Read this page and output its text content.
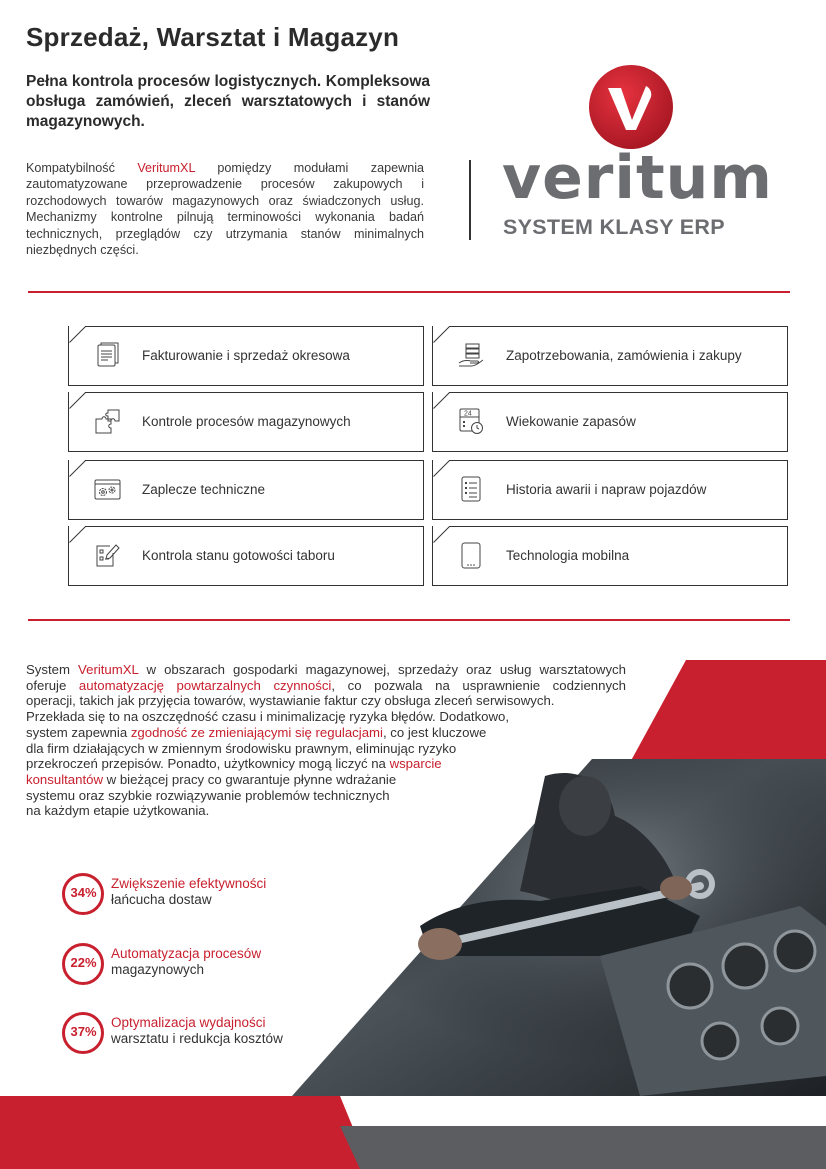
Sprzedaż, Warsztat i Magazyn
Pełna kontrola procesów logistycznych. Kompleksowa obsługa zamówień, zleceń warsztatowych i stanów magazynowych.
Kompatybilność VeritumXL pomiędzy modułami zapewnia zautomatyzowane przeprowadzenie procesów zakupowych i rozchodowych towarów magazynowych oraz świadczonych usług. Mechanizmy kontrolne pilnują terminowości wykonania badań technicznych, przeglądów czy utrzymania stanów minimalnych niezbędnych części.
veritum
SYSTEM KLASY ERP
Fakturowanie i sprzedaż okresowa	Zapotrzebowania, zamówienia i zakupy
Kontrole procesów magazynowych	24	Wiekowanie zapasów
Zaplecze techniczne	Historia awarii i napraw pojazdów
Kontrola stanu gotowości taboru	Technologia mobilna
System VeritumXL w obszarach gospodarki magazynowej, sprzedaży oraz usług warsztatowych
oferuje automatyzację powtarzalnych czynności, co pozwala na usprawnienie codziennych
operacji, takich jak przyjęcia towarów, wystawianie faktur czy obsługa zleceń serwisowych.
Przekłada się to na oszczędność czasu i minimalizację ryzyka błędów. Dodatkowo,
system zapewnia zgodność ze zmieniającymi się regulacjami, co jest kluczowe
dla firm działających w zmiennym środowisku prawnym, eliminując ryzyko
przekroczeń przepisów. Ponadto, użytkownicy mogą liczyć na wsparcie
konsultantów w bieżącej pracy co gwarantuje płynne wdrażanie
systemu oraz szybkie rozwiązywanie problemów technicznych
na każdym etapie użytkowania.
34%
Zwiększenie efektywności
łańcucha dostaw
22%
Automatyzacja procesów
magazynowych
37%
Optymalizacja wydajności
warsztatu i redukcja kosztów
